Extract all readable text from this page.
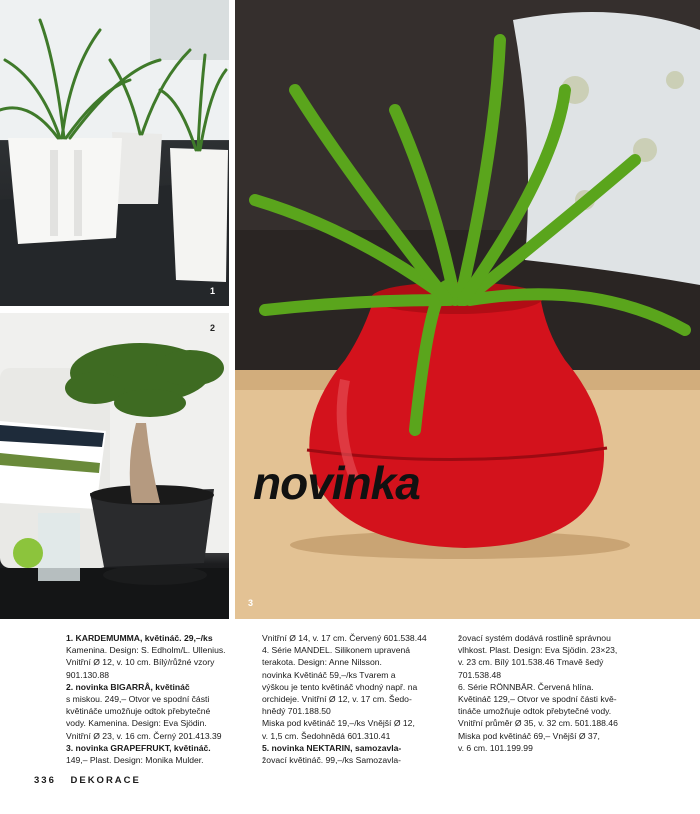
1
2
novinka
3

1. KARDEMUMMA, květináč. 29,–/ks

Kamenina. Design: S. Edholm/L. Ullenius.

Vnitřní Ø 12, v. 10 cm. Bílý/růžné vzory

901.130.88

2. novinka BIGARRÅ, květináč

s miskou. 249,– Otvor ve spodní části

květináče umožňuje odtok přebytečné

vody. Kamenina. Design: Eva Sjödin.

Vnitřní Ø 23, v. 16 cm. Černý 201.413.39

3. novinka GRAPEFRUKT, květináč.

149,– Plast. Design: Monika Mulder.

Vnitřní Ø 14, v. 17 cm. Červený 601.538.44

4. Série MANDEL. Silikonem upravená

terakota. Design: Anne Nilsson.

novinka Květináč 59,–/ks Tvarem a

výškou je tento květináč vhodný např. na

orchideje. Vnitřní Ø 12, v. 17 cm. Šedo-

hnědý 701.188.50

Miska pod květináč 19,–/ks Vnější Ø 12,

v. 1,5 cm. Šedohnědá 601.310.41

5. novinka NEKTARIN, samozavla-

žovací květináč. 99,–/ks Samozavla-

žovací systém dodává rostlině správnou

vlhkost. Plast. Design: Eva Sjödin. 23×23,

v. 23 cm. Bílý 101.538.46 Tmavě šedý

701.538.48

6. Série RÖNNBÄR. Červená hlína.

Květináč 129,– Otvor ve spodní části kvě-

tináče umožňuje odtok přebytečné vody.

Vnitřní průměr Ø 35, v. 32 cm. 501.188.46

Miska pod květináč 69,– Vnější Ø 37,

v. 6 cm. 101.199.99

336 DEKORACE
